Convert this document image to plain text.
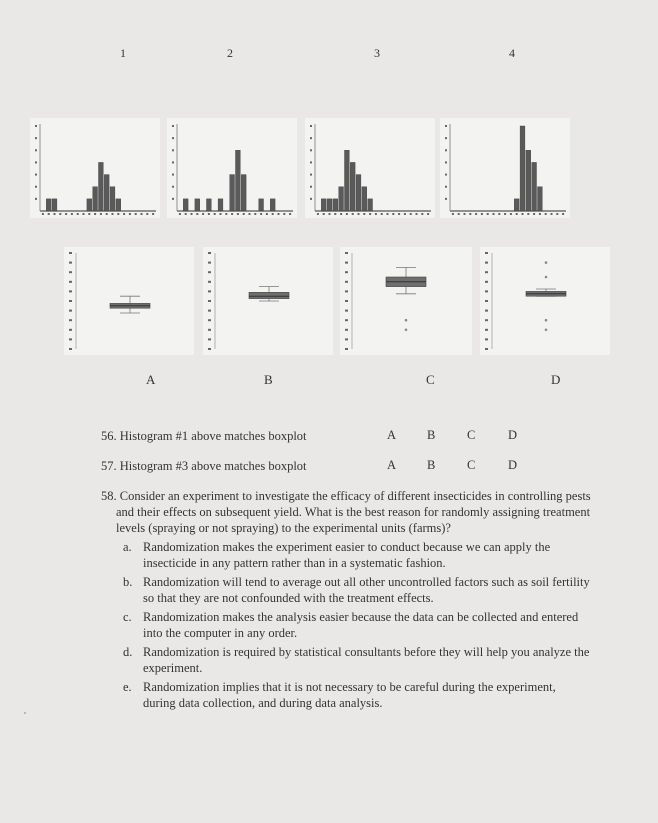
1	2	3	4
A	B	C	D
56. Histogram #1 above matches boxplot	A B	C	D
57. Histogram #3 above matches boxplot	A B	C	D

58. Consider an experiment to investigate the efficacy of different insecticides in controlling pests and their effects on subsequent yield. What is the best reason for randomly assigning treatment levels (spraying or not spraying) to the experimental units (farms)?

a. Randomization makes the experiment easier to conduct because we can apply the insecticide in any pattern rather than in a systematic fashion.
b. Randomization will tend to average out all other uncontrolled factors such as soil fertility so that they are not confounded with the treatment effects.
c. Randomization makes the analysis easier because the data can be collected and entered into the computer in any order.
d. Randomization is required by statistical consultants before they will help you analyze the experiment.
e. Randomization implies that it is not necessary to be careful during the experiment, during data collection, and during data analysis.
